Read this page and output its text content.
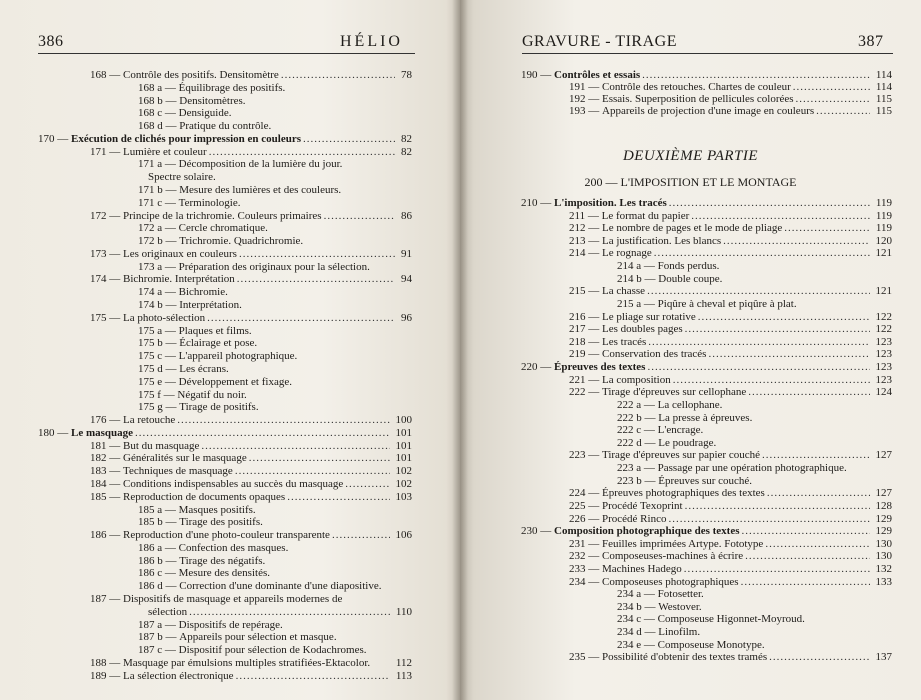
386	HÉLIO	GRAVURE - TIRAGE	387
168 — Contrôle des positifs. Densitomètre .....	78
168 a — Équilibrage des positifs.
168 b — Densitomètres.
168 c — Densiguide.
168 d — Pratique du contrôle.
170 — Exécution de clichés pour impression en couleurs .....	82
171 — Lumière et couleur .....	82
171 a — Décomposition de la lumière du jour.
Spectre solaire.
171 b — Mesure des lumières et des couleurs.
171 c — Terminologie.
172 — Principe de la trichromie. Couleurs primaires .....	86
172 a — Cercle chromatique.
172 b — Trichromie. Quadrichromie.
173 — Les originaux en couleurs .....	91
173 a — Préparation des originaux pour la sélection.
174 — Bichromie. Interprétation .....	94
174 a — Bichromie.
174 b — Interprétation.
175 — La photo-sélection .....	96
175 a — Plaques et films.
175 b — Éclairage et pose.
175 c — L'appareil photographique.
175 d — Les écrans.
175 e — Développement et fixage.
175 f — Négatif du noir.
175 g — Tirage de positifs.
176 — La retouche .....	100
180 — Le masquage .....	101
181 — But du masquage .....	101
182 — Généralités sur le masquage .....	101
183 — Techniques de masquage .....	102
184 — Conditions indispensables au succès du masquage .....	102
185 — Reproduction de documents opaques .....	103
185 a — Masques positifs.
185 b — Tirage des positifs.
186 — Reproduction d'une photo-couleur transparente .....	106
186 a — Confection des masques.
186 b — Tirage des négatifs.
186 c — Mesure des densités.
186 d — Correction d'une dominante d'une diapositive.
187 — Dispositifs de masquage et appareils modernes de
sélection .....	110
187 a — Dispositifs de repérage.
187 b — Appareils pour sélection et masque.
187 c — Dispositif pour sélection de Kodachromes.
188 — Masquage par émulsions multiples stratifiées-Ektacolor. 112
189 — La sélection électronique .....	113
190 — Contrôles et essais .....	114
191 — Contrôle des retouches. Chartes de couleur .....	114
192 — Essais. Superposition de pellicules colorées .....	115
193 — Appareils de projection d'une image en couleurs .....	115
DEUXIÈME PARTIE
200 — L'IMPOSITION ET LE MONTAGE
210 — L'imposition. Les tracés .....	119
211 — Le format du papier .....	119
212 — Le nombre de pages et le mode de pliage .....	119
213 — La justification. Les blancs .....	120
214 — Le rognage .....	121
214 a — Fonds perdus.
214 b — Double coupe.
215 — La chasse .....	121
215 a — Piqûre à cheval et piqûre à plat.
216 — Le pliage sur rotative .....	122
217 — Les doubles pages .....	122
218 — Les tracés .....	123
219 — Conservation des tracés .....	123
220 — Épreuves des textes .....	123
221 — La composition .....	123
222 — Tirage d'épreuves sur cellophane .....	124
222 a — La cellophane.
222 b — La presse à épreuves.
222 c — L'encrage.
222 d — Le poudrage.
223 — Tirage d'épreuves sur papier couché .....	127
223 a — Passage par une opération photographique.
223 b — Épreuves sur couché.
224 — Épreuves photographiques des textes .....	127
225 — Procédé Texoprint .....	128
226 — Procédé Rinco .....	129
230 — Composition photographique des textes .....	129
231 — Feuilles imprimées Artype. Fototype .....	130
232 — Composeuses-machines à écrire .....	130
233 — Machines Hadego .....	132
234 — Composeuses photographiques .....	133
234 a — Fotosetter.
234 b — Westover.
234 c — Composeuse Higonnet-Moyroud.
234 d — Linofilm.
234 e — Composeuse Monotype.
235 — Possibilité d'obtenir des textes tramés .....	137
